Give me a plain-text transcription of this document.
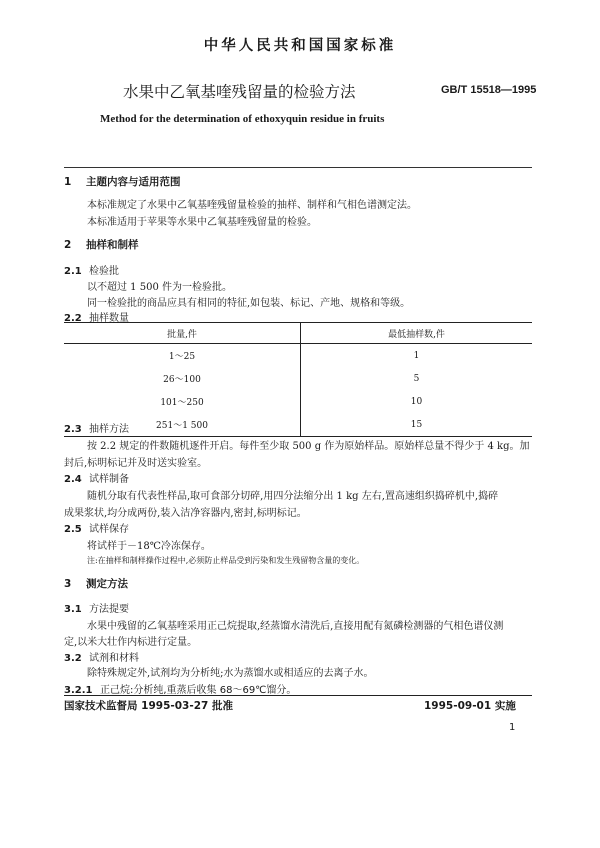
中华人民共和国国家标准
水果中乙氧基喹残留量的检验方法	GB/T 15518—1995
Method for the determination of ethoxyquin residue in fruits
1 主题内容与适用范围
本标准规定了水果中乙氧基喹残留量检验的抽样、制样和气相色谱测定法。
本标准适用于苹果等水果中乙氧基喹残留量的检验。
2 抽样和制样
2.1 检验批
以不超过 1 500 件为一检验批。
同一检验批的商品应具有相同的特征,如包装、标记、产地、规格和等级。
2.2 抽样数量
批量,件	最低抽样数,件
1～25	1
26～100	5
101～250	10
251～1 500	15
2.3 抽样方法
按 2.2 规定的件数随机逐件开启。每件至少取 500 g 作为原始样品。原始样总量不得少于 4 kg。加
封后,标明标记并及时送实验室。
2.4 试样制备
随机分取有代表性样品,取可食部分切碎,用四分法缩分出 1 kg 左右,置高速组织捣碎机中,捣碎
成果浆状,均分成两份,装入洁净容器内,密封,标明标记。
2.5 试样保存
将试样于－18℃冷冻保存。
注:在抽样和制样操作过程中,必须防止样品受到污染和发生残留物含量的变化。
3 测定方法
3.1 方法提要
水果中残留的乙氧基喹采用正己烷提取,经蒸馏水清洗后,直接用配有氮磷检测器的气相色谱仪测
定,以米大壮作内标进行定量。
3.2 试剂和材料
除特殊规定外,试剂均为分析纯;水为蒸馏水或相适应的去离子水。
3.2.1 正己烷:分析纯,重蒸后收集 68～69℃馏分。
国家技术监督局 1995-03-27 批准	1995-09-01 实施
1
